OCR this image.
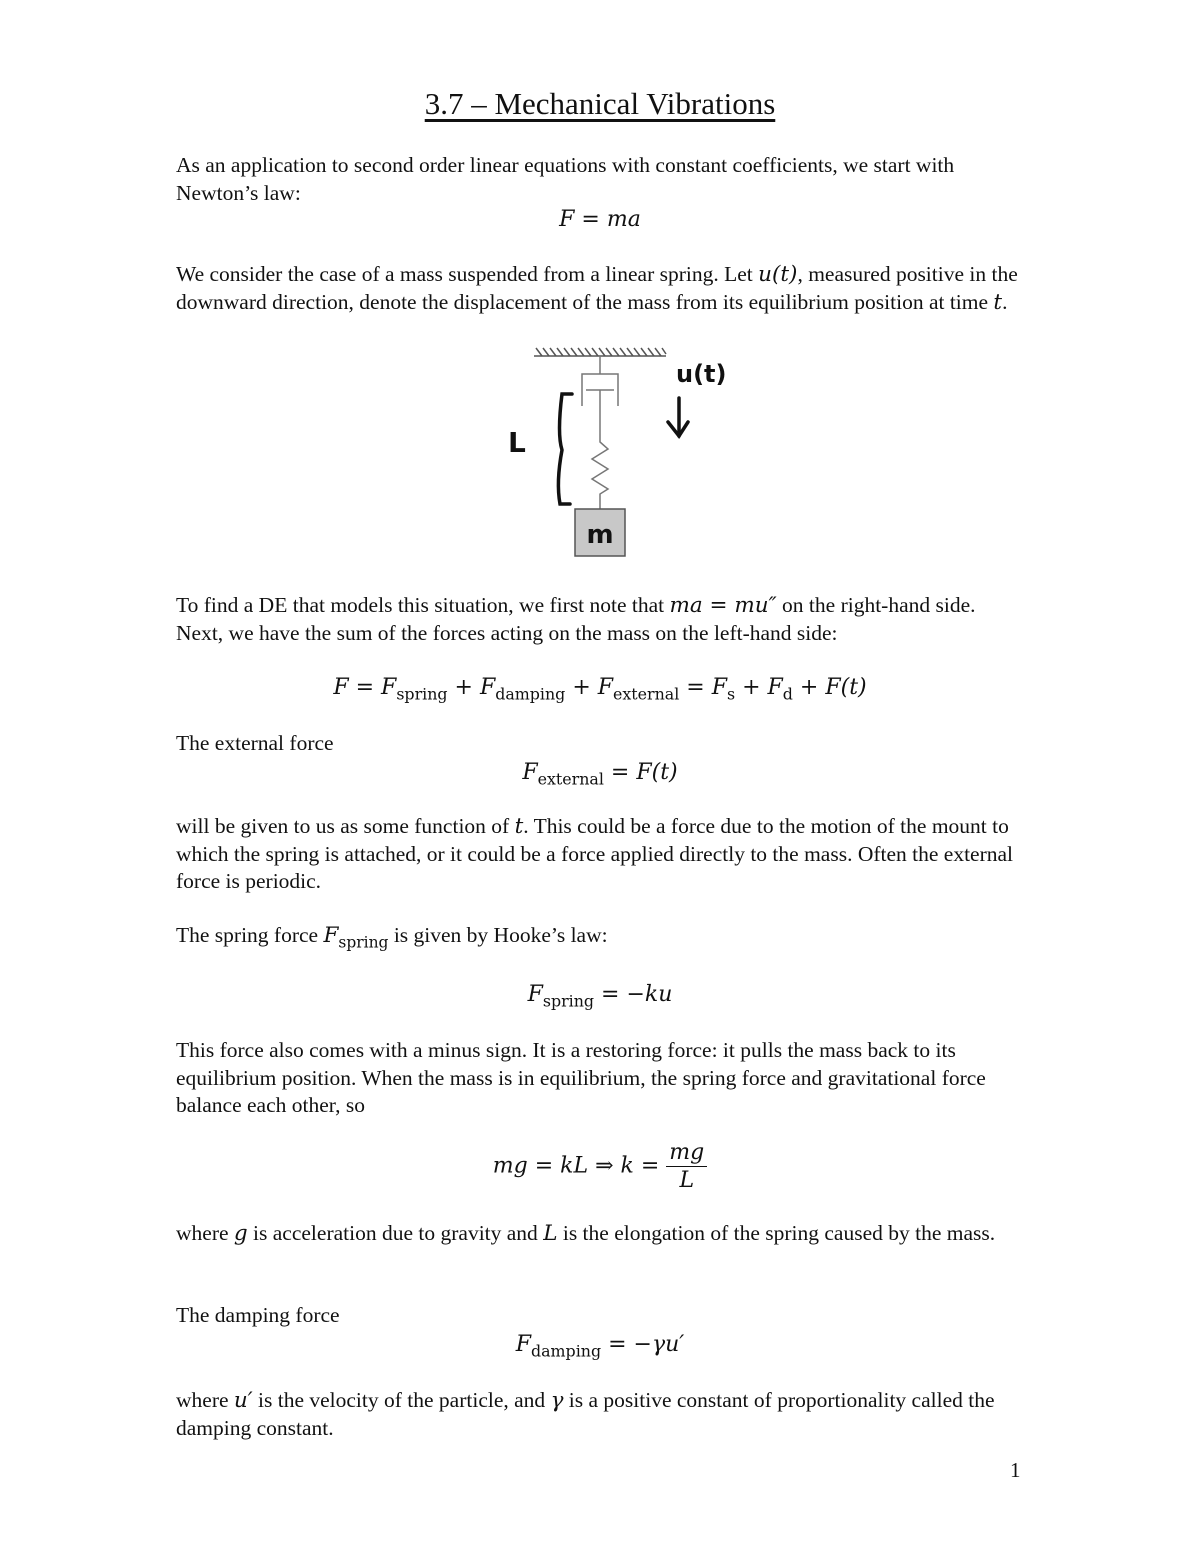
3.7 – Mechanical Vibrations

As an application to second order linear equations with constant coefficients, we start with Newton’s law:

F = ma

We consider the case of a mass suspended from a linear spring. Let u(t), measured positive in the downward direction, denote the displacement of the mass from its equilibrium position at time t.

m
L
u(t)

To find a DE that models this situation, we first note that ma = mu″ on the right-hand side. Next, we have the sum of the forces acting on the mass on the left-hand side:

$F = F_{spring} + F_{damping} + F_{external} = F_s + F_d + F(t)$

The external force

$F_{external} = F(t)$

will be given to us as some function of t. This could be a force due to the motion of the mount to which the spring is attached, or it could be a force applied directly to the mass. Often the external force is periodic.

The spring force $F_{spring}$ is given by Hooke’s law:

$F_{spring} = -ku$

This force also comes with a minus sign. It is a restoring force: it pulls the mass back to its equilibrium position. When the mass is in equilibrium, the spring force and gravitational force balance each other, so

mg = kL ⇒ $k = \frac{mg}{L}$

where g is acceleration due to gravity and L is the elongation of the spring caused by the mass.

The damping force

$F_{damping} = -\gamma u'$

where u′ is the velocity of the particle, and γ is a positive constant of proportionality called the damping constant.

1
